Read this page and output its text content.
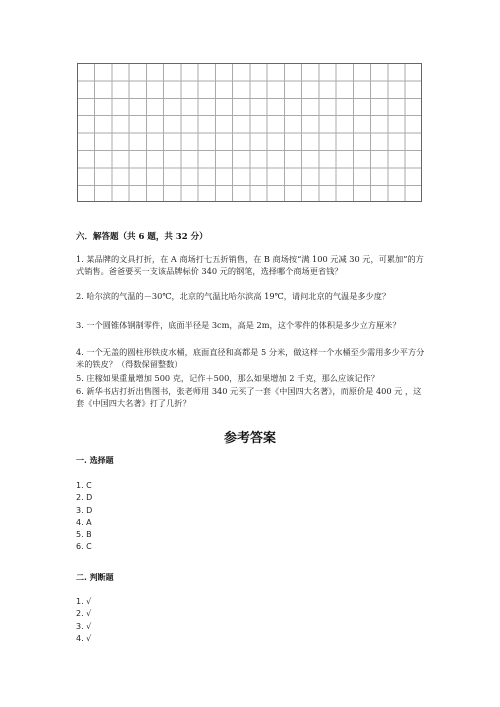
六．解答题（共 6 题，共 32 分）
1. 某品牌的文具打折，在 A 商场打七五折销售，在 B 商场按“满 100 元减 30 元，可累加”的方式销售。爸爸要买一支该品牌标价 340 元的钢笔，选择哪个商场更省钱？
2. 哈尔滨的气温的－30℃，北京的气温比哈尔滨高 19℃，请问北京的气温是多少度？
3. 一个圆锥体钢制零件，底面半径是 3cm，高是 2m，这个零件的体积是多少立方厘米？
4. 一个无盖的圆柱形铁皮水桶，底面直径和高都是 5 分米，做这样一个水桶至少需用多少平方分米的铁皮？（得数保留整数）
5. 庄稼如果重量增加 500 克，记作＋500，那么如果增加 2 千克，那么应该记作？
6. 新华书店打折出售图书，张老师用 340 元买了一套《中国四大名著》，而原价是 400 元 ，这套《中国四大名著》打了几折？
参考答案
一. 选择题
1. C
2. D
3. D
4. A
5. B
6. C
二. 判断题
1. √
2. √
3. √
4. √
